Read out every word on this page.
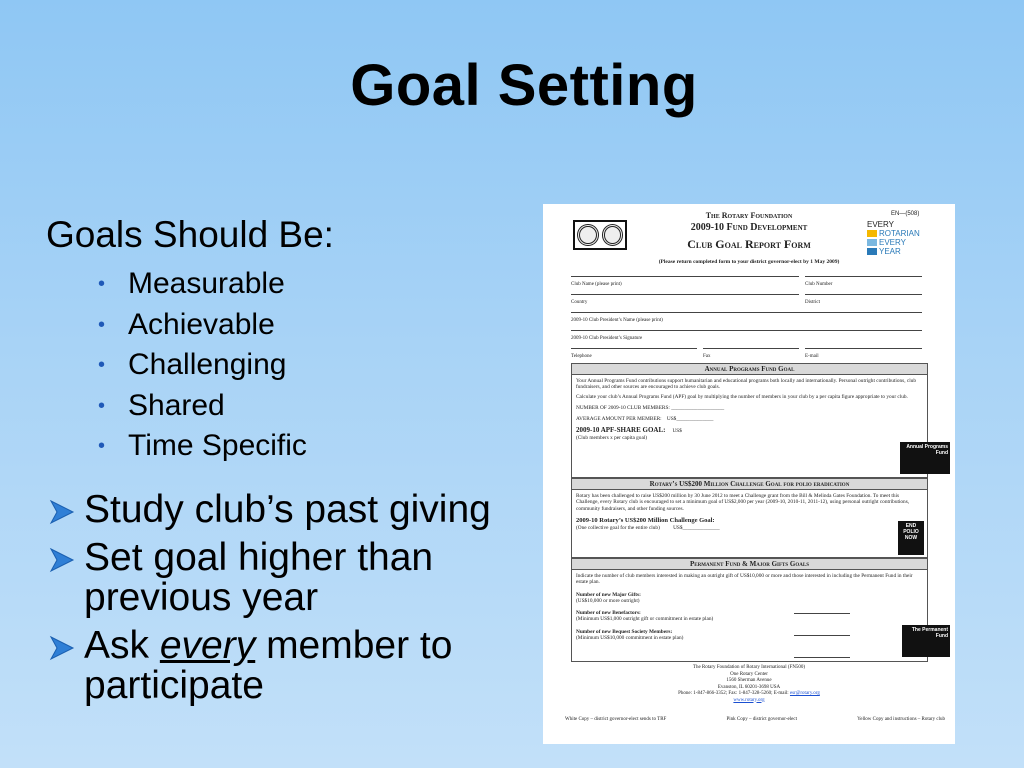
Goal Setting
Goals Should Be:
• Measurable
• Achievable
• Challenging
• Shared
• Time Specific
Study club’s past giving
Set goal higher than previous year
Ask every member to participate
EN—(508)
The Rotary Foundation
2009-10 Fund Development
Club Goal Report Form
(Please return completed form to your district governor-elect by 1 May 2009)
EVERY
ROTARIAN
EVERY
YEAR
Club Name (please print)	Club Number
Country	District
2009-10 Club President’s Name (please print)
2009-10 Club President’s Signature
Telephone	Fax	E-mail
Annual Programs Fund Goal

Your Annual Programs Fund contributions support humanitarian and educational programs both locally and internationally. Personal outright contributions, club fundraisers, and other sources are encouraged to achieve club goals.

Calculate your club’s Annual Programs Fund (APF) goal by multiplying the number of members in your club by a per capita figure appropriate to your club.

NUMBER OF 2009-10 CLUB MEMBERS: ____________________

AVERAGE AMOUNT PER MEMBER: US$______________

2009-10 APF-SHARE GOAL: US$

(Club members x per capita goal)

Annual Programs Fund
Rotary’s US$200 Million Challenge Goal for polio eradication

Rotary has been challenged to raise US$200 million by 30 June 2012 to meet a Challenge grant from the Bill & Melinda Gates Foundation. To meet this Challenge, every Rotary club is encouraged to set a minimum goal of US$2,000 per year (2009-10, 2010-11, 2011-12), using personal outright contributions, community fundraisers, and other funding sources.

2009-10 Rotary’s US$200 Million Challenge Goal:

(One collective goal for the entire club)	US$______________	END POLIO NOW
Permanent Fund & Major Gifts Goals

Indicate the number of club members interested in making an outright gift of US$10,000 or more and those interested in including the Permanent Fund in their estate plan.

Number of new Major Gifts:

(US$10,000 or more outright)

Number of new Benefactors:

(Minimum US$1,000 outright gift or commitment in estate plan)

Number of new Bequest Society Members:

(Minimum US$10,000 commitment in estate plan)

The Permanent Fund
The Rotary Foundation of Rotary International (FN500)
One Rotary Center
1560 Sherman Avenue
Evanston, IL 60201-3698 USA
Phone: 1-847-866-3352; Fax: 1-847-328-5260; E-mail: esr@rotary.org
www.rotary.org
White Copy – district governor-elect sends to TRF	Pink Copy – district governor-elect	Yellow Copy and instructions – Rotary club
